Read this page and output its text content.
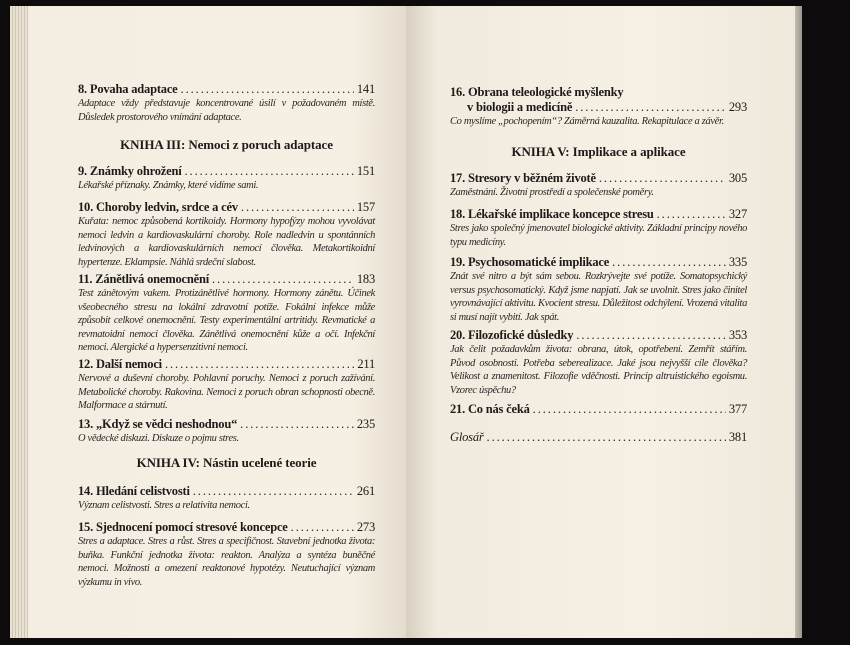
8. Povaha adaptace . . .	141
Adaptace vždy představuje koncentrované úsilí v požadovaném místě. Důsledek prostorového vnímání adaptace.
KNIHA III: Nemoci z poruch adaptace
9. Známky ohrožení . . .	151
Lékařské příznaky. Známky, které vidíme sami.
10. Choroby ledvin, srdce a cév . . .	157
Kuřata: nemoc způsobená kortikoidy. Hormony hypofýzy mohou vyvolávat nemoci ledvin a kardiovaskulární choroby. Role nadledvin u spontánních ledvinových a kardiovaskulárních nemocí člověka. Metakortikoidní hypertenze. Eklampsie. Náhlá srdeční slabost.
11. Zánětlivá onemocnění . . .	183
Test zánětovým vakem. Protizánětlivé hormony. Hormony zánětu. Účinek všeobecného stresu na lokální zdravotní potíže. Fokální infekce může způsobit celkové onemocnění. Testy experimentální artritidy. Revmatické a revmatoidní nemoci člověka. Zánětlivá onemocnění kůže a očí. Infekční nemoci. Alergické a hypersenzitivní nemoci.
12. Další nemoci . . .	211
Nervové a duševní choroby. Pohlavní poruchy. Nemoci z poruch zažívání. Metabolické choroby. Rakovina. Nemoci z poruch obran schopnosti obecně. Malformace a stárnutí.
13. „Když se vědci neshodnou“ . . .	235
O vědecké diskuzi. Diskuze o pojmu stres.
KNIHA IV: Nástin ucelené teorie
14. Hledání celistvosti . . .	261
Význam celistvosti. Stres a relativita nemoci.
15. Sjednocení pomocí stresové koncepce . . .	273
Stres a adaptace. Stres a růst. Stres a specifičnost. Stavební jednotka života: buňka. Funkční jednotka života: reakton. Analýza a syntéza buněčné nemoci. Možnosti a omezení reaktonové hypotézy. Neutuchající význam výzkumu in vivo.
16. Obrana teleologické myšlenky
v biologii a medicíně . . .	293
Co myslíme „pochopením“? Záměrná kauzalita. Rekapitulace a závěr.
KNIHA V: Implikace a aplikace
17. Stresory v běžném životě . . .	305
Zaměstnání. Životní prostředí a společenské poměry.
18. Lékařské implikace koncepce stresu . . .	327
Stres jako společný jmenovatel biologické aktivity. Základní principy nového typu medicíny.
19. Psychosomatické implikace . . .	335
Znát své nitro a být sám sebou. Rozkrývejte své potíže. Somatopsychický versus psychosomatický. Když jsme napjatí. Jak se uvolnit. Stres jako činitel vyrovnávající aktivitu. Kvocient stresu. Důležitost odchýlení. Vrozená vitalita si musí najít vybití. Jak spát.
20. Filozofické důsledky . . .	353
Jak čelit požadavkům života: obrana, útok, opotřebení. Zemřít stářím. Původ osobnosti. Potřeba seberealizace. Jaké jsou nejvyšší cíle člověka? Velikost a znamenitost. Filozofie vděčnosti. Princip altruistického egoismu. Vzorec úspěchu?
21. Co nás čeká . . .	377
Glosář . . .	381
